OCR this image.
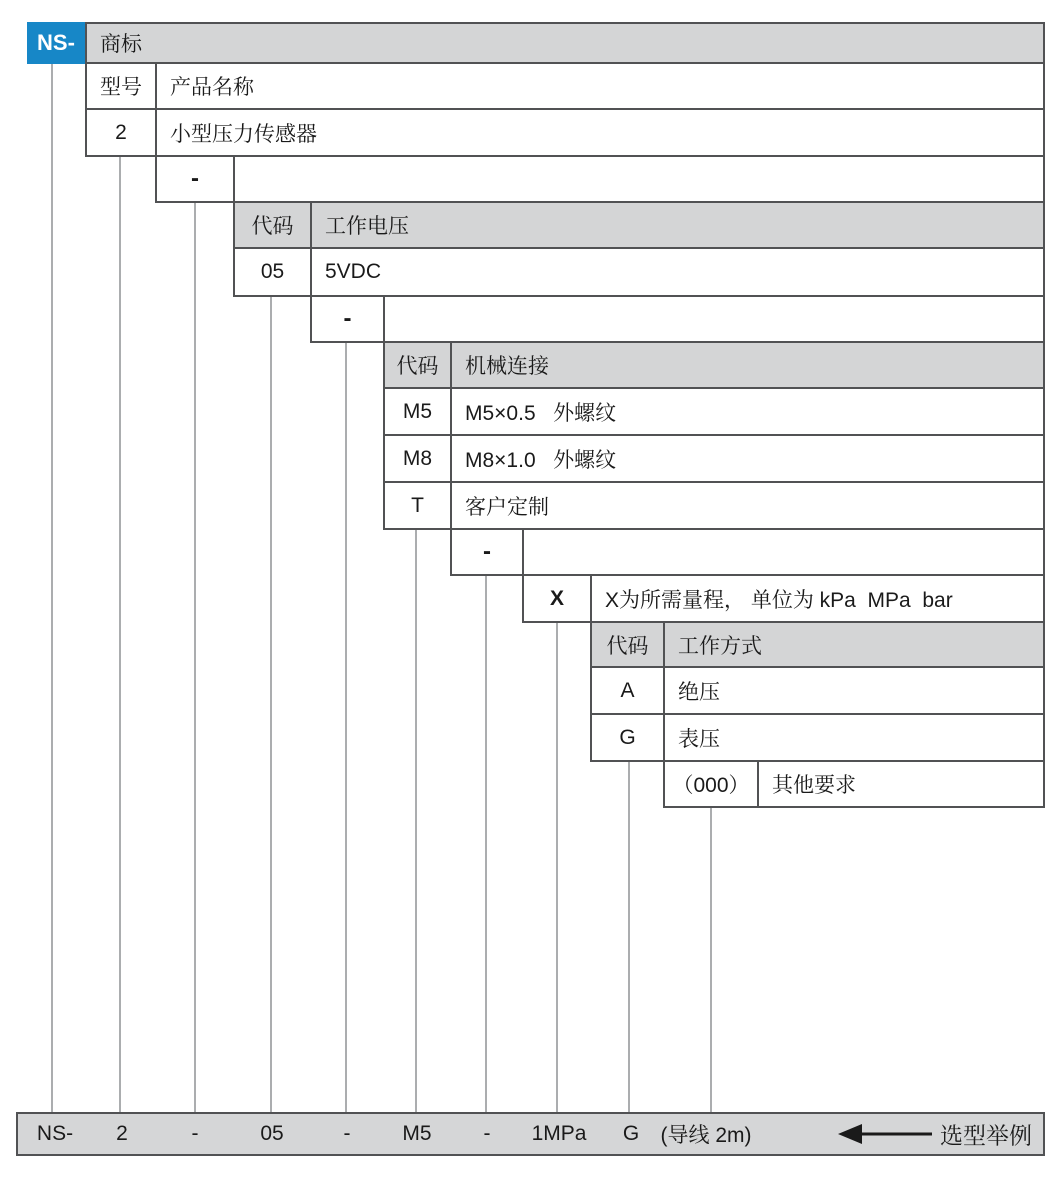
NS-	商标
型号	产品名称
2	小型压力传感器
-
代码	工作电压
05	5VDC
-
代码	机械连接
M5	M5×0.5   外螺纹
M8	M8×1.0   外螺纹
T	客户定制
-
X	X为所需量程， 单位为 kPa  MPa  bar
代码	工作方式
A	绝压
G	表压
（000）	其他要求
NS- 2	-	05	- M5 - 1MPa G (导线 2m)	选型举例
